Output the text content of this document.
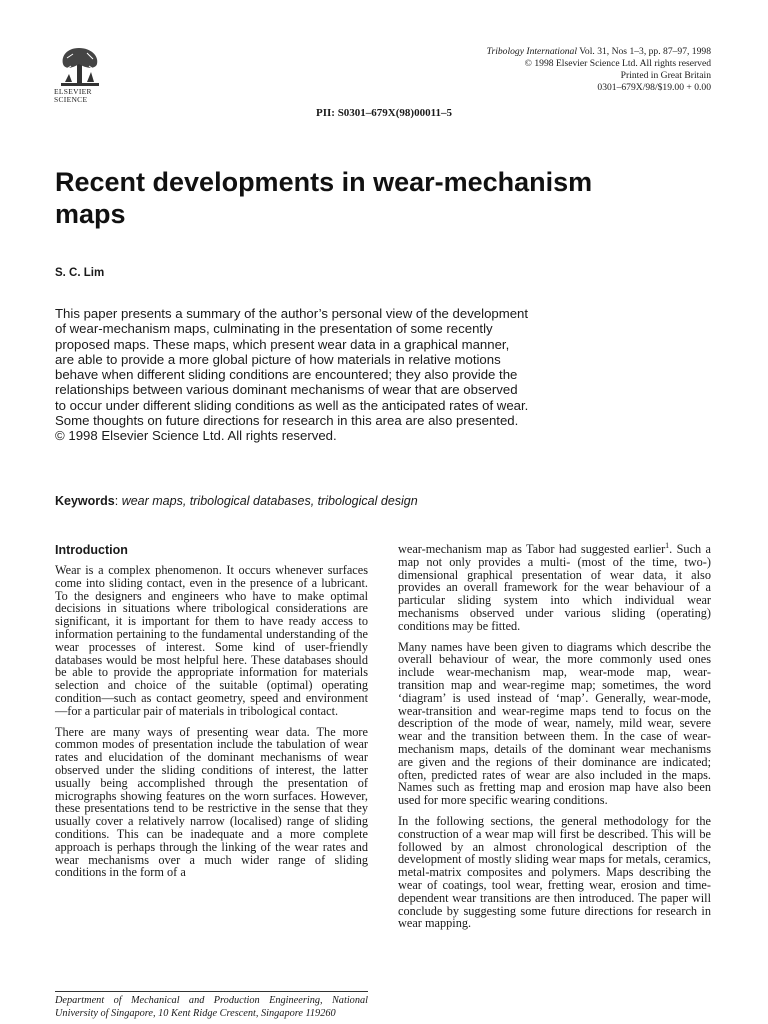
ELSEVIER
SCIENCE
Tribology International Vol. 31, Nos 1–3, pp. 87–97, 1998
© 1998 Elsevier Science Ltd. All rights reserved
Printed in Great Britain
0301–679X/98/$19.00 + 0.00
PII: S0301–679X(98)00011–5
Recent developments in wear-mechanism maps
S. C. Lim
This paper presents a summary of the author’s personal view of the development of wear-mechanism maps, culminating in the presentation of some recently proposed maps. These maps, which present wear data in a graphical manner, are able to provide a more global picture of how materials in relative motions behave when different sliding conditions are encountered; they also provide the relationships between various dominant mechanisms of wear that are observed to occur under different sliding conditions as well as the anticipated rates of wear. Some thoughts on future directions for research in this area are also presented. © 1998 Elsevier Science Ltd. All rights reserved.
Keywords: wear maps, tribological databases, tribological design
Introduction

Wear is a complex phenomenon. It occurs whenever surfaces come into sliding contact, even in the presence of a lubricant. To the designers and engineers who have to make optimal decisions in situations where tribological considerations are significant, it is important for them to have ready access to information pertaining to the fundamental understanding of the wear processes of interest. Some kind of user-friendly databases would be most helpful here. These databases should be able to provide the appropriate information for materials selection and choice of the suitable (optimal) operating condition—such as contact geometry, speed and environment—for a particular pair of materials in tribological contact.

There are many ways of presenting wear data. The more common modes of presentation include the tabulation of wear rates and elucidation of the dominant mechanisms of wear observed under the sliding conditions of interest, the latter usually being accomplished through the presentation of micrographs showing features on the worn surfaces. However, these presentations tend to be restrictive in the sense that they usually cover a relatively narrow (localised) range of sliding conditions. This can be inadequate and a more complete approach is perhaps through the linking of the wear rates and wear mechanisms over a much wider range of sliding conditions in the form of a

wear-mechanism map as Tabor had suggested earlier$^1$. Such a map not only provides a multi- (most of the time, two-) dimensional graphical presentation of wear data, it also provides an overall framework for the wear behaviour of a particular sliding system into which individual wear mechanisms observed under various sliding (operating) conditions may be fitted.

Many names have been given to diagrams which describe the overall behaviour of wear, the more commonly used ones include wear-mechanism map, wear-mode map, wear-transition map and wear-regime map; sometimes, the word ‘diagram’ is used instead of ‘map’. Generally, wear-mode, wear-transition and wear-regime maps tend to focus on the description of the mode of wear, namely, mild wear, severe wear and the transition between them. In the case of wear-mechanism maps, details of the dominant wear mechanisms are given and the regions of their dominance are indicated; often, predicted rates of wear are also included in the maps. Names such as fretting map and erosion map have also been used for more specific wearing conditions.

In the following sections, the general methodology for the construction of a wear map will first be described. This will be followed by an almost chronological description of the development of mostly sliding wear maps for metals, ceramics, metal-matrix composites and polymers. Maps describing the wear of coatings, tool wear, fretting wear, erosion and time-dependent wear transitions are then introduced. The paper will conclude by suggesting some future directions for research in wear mapping.

Department of Mechanical and Production Engineering, National University of Singapore, 10 Kent Ridge Crescent, Singapore 119260
